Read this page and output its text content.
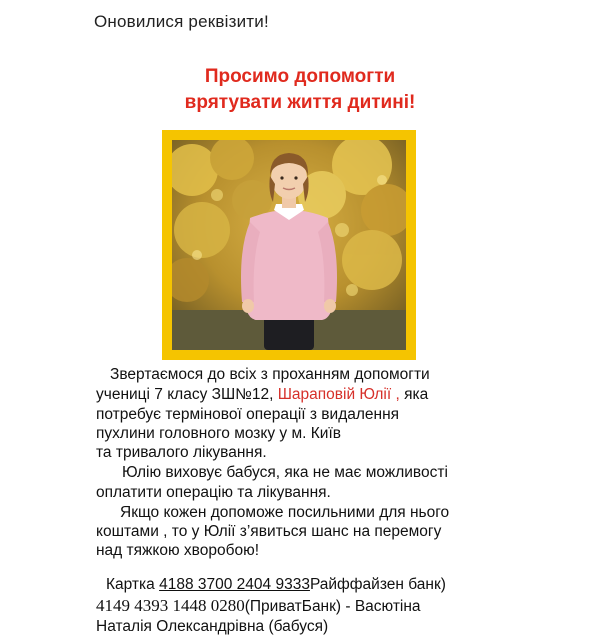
Оновилися реквізити!
Просимо допомогти
врятувати життя дитині!
Звертаємося до всіх з проханням допомогти
учениці 7 класу ЗШ№12, Шараповій Юлії , яка
потребує термінової операції з видалення
пухлини головного мозку у м. Київ
та тривалого лікування.
Юлію виховує бабуся, яка не має можливості
оплатити операцію та лікування.
Якщо кожен допоможе посильними для нього
коштами , то у Юлії з’явиться шанс на перемогу
над тяжкою хворобою!
Картка 4188 3700 2404 9333Райффайзен банк)
4149 4393 1448 0280(ПриватБанк) - Васютіна
Наталія Олександрівна (бабуся)
